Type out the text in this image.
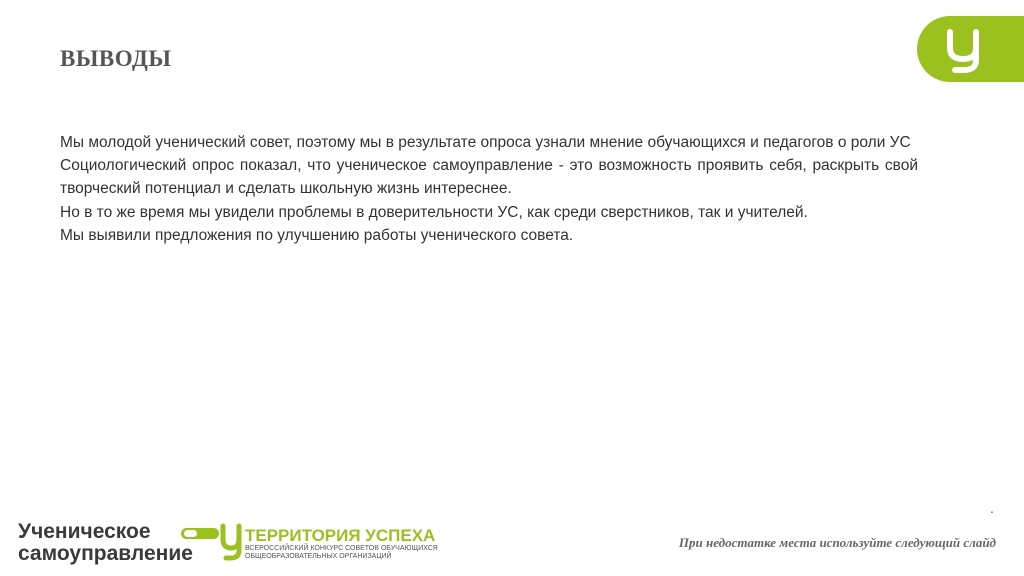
ВЫВОДЫ

Мы молодой ученический совет, поэтому мы в результате опроса узнали мнение обучающихся и педагогов о роли УС

Социологический опрос показал, что ученическое самоуправление - это возможность проявить себя, раскрыть свой творческий потенциал и сделать школьную жизнь интереснее.

Но в то же время мы увидели проблемы в доверительности УС, как среди сверстников, так и учителей.

Мы выявили предложения по улучшению работы ученического совета.

.
Ученическое
самоуправление
ТЕРРИТОРИЯ УСПЕХА
ВСЕРОССИЙСКИЙ КОНКУРС СОВЕТОВ ОБУЧАЮЩИХСЯ
ОБЩЕОБРАЗОВАТЕЛЬНЫХ ОРГАНИЗАЦИЙ
При недостатке места используйте следующий слайд
